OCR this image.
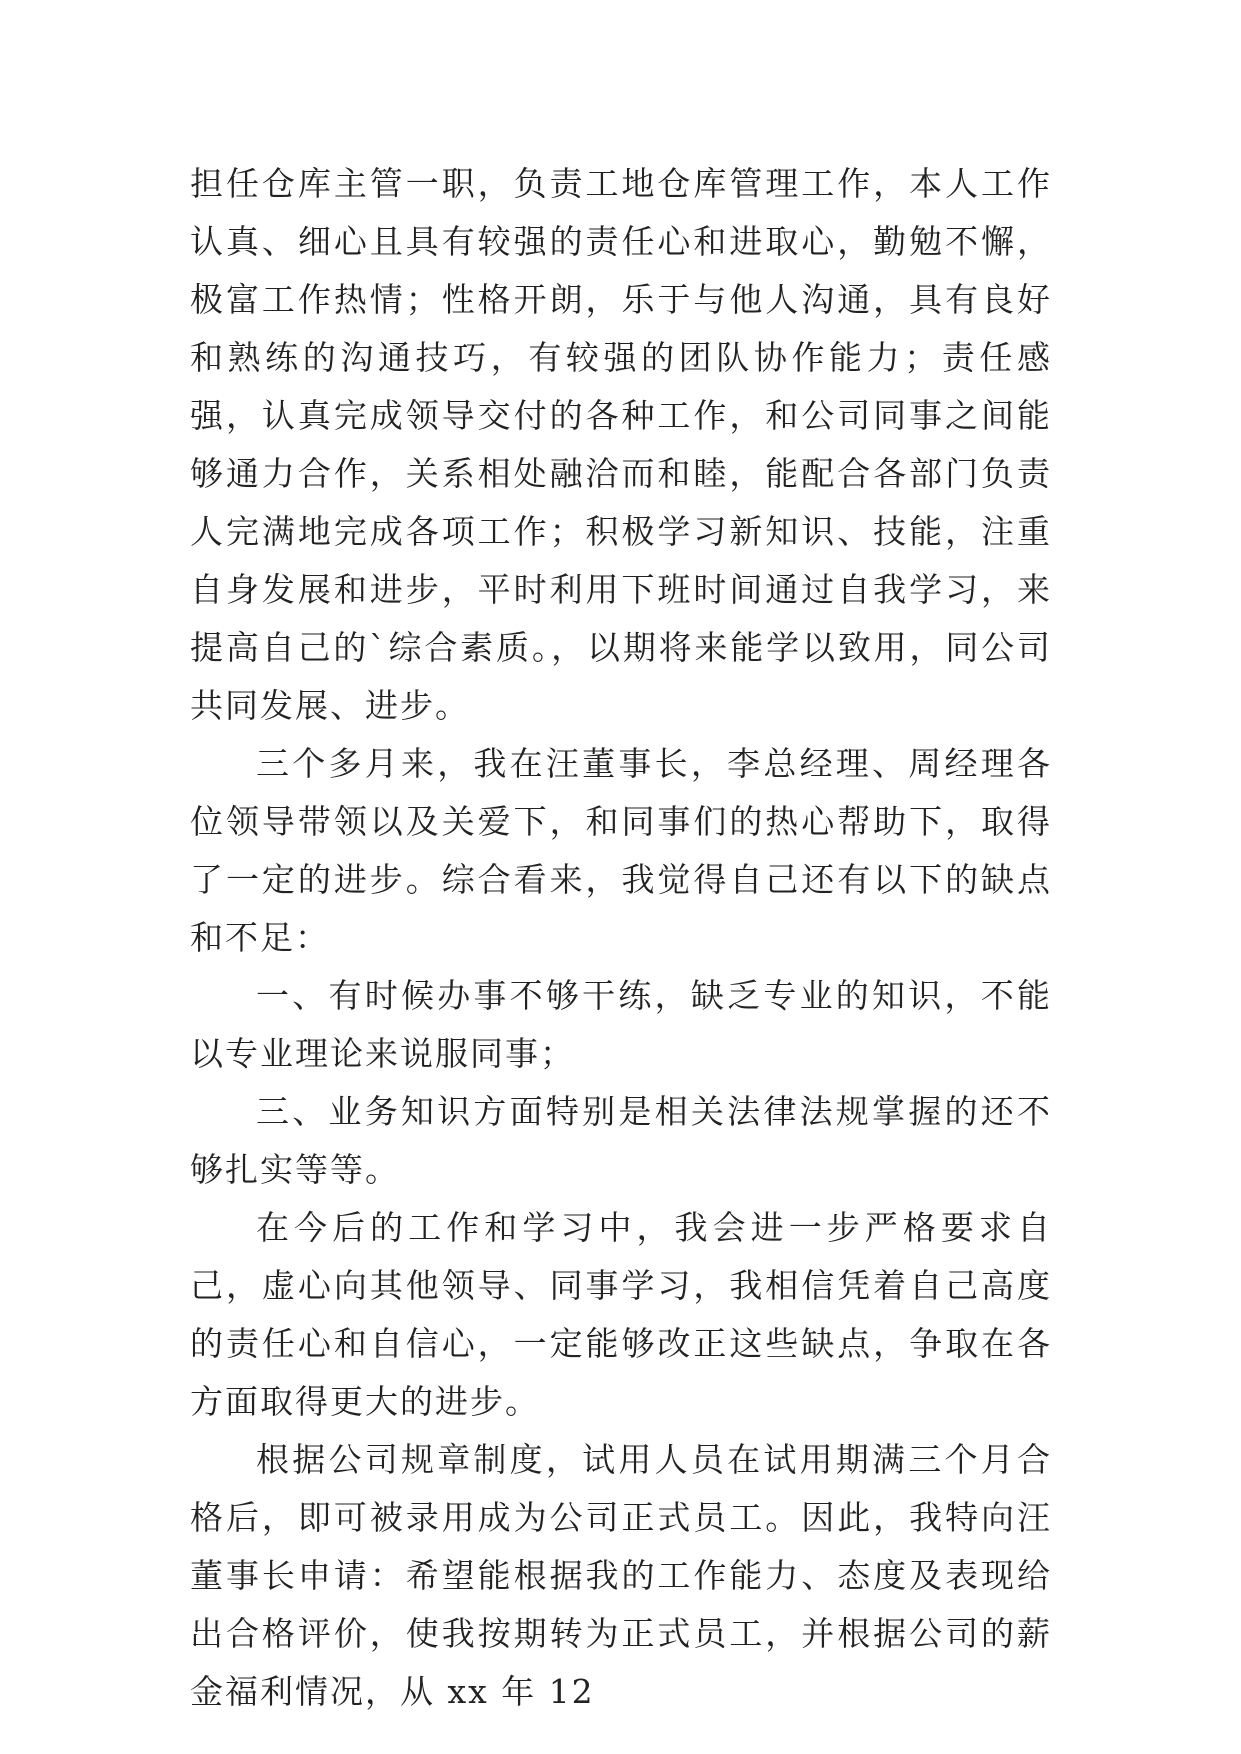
担任仓库主管一职，负责工地仓库管理工作，本人工作认真、细心且具有较强的责任心和进取心，勤勉不懈，极富工作热情；性格开朗，乐于与他人沟通，具有良好和熟练的沟通技巧，有较强的团队协作能力；责任感强，认真完成领导交付的各种工作，和公司同事之间能够通力合作，关系相处融洽而和睦，能配合各部门负责人完满地完成各项工作；积极学习新知识、技能，注重自身发展和进步，平时利用下班时间通过自我学习，来提高自己的`综合素质。，以期将来能学以致用，同公司共同发展、进步。

三个多月来，我在汪董事长，李总经理、周经理各位领导带领以及关爱下，和同事们的热心帮助下，取得了一定的进步。综合看来，我觉得自己还有以下的缺点和不足：

一、有时候办事不够干练，缺乏专业的知识，不能以专业理论来说服同事；

三、业务知识方面特别是相关法律法规掌握的还不够扎实等等。

在今后的工作和学习中，我会进一步严格要求自己，虚心向其他领导、同事学习，我相信凭着自己高度的责任心和自信心，一定能够改正这些缺点，争取在各方面取得更大的进步。

根据公司规章制度，试用人员在试用期满三个月合格后，即可被录用成为公司正式员工。因此，我特向汪董事长申请：希望能根据我的工作能力、态度及表现给出合格评价，使我按期转为正式员工，并根据公司的薪金福利情况，从 xx 年 12
